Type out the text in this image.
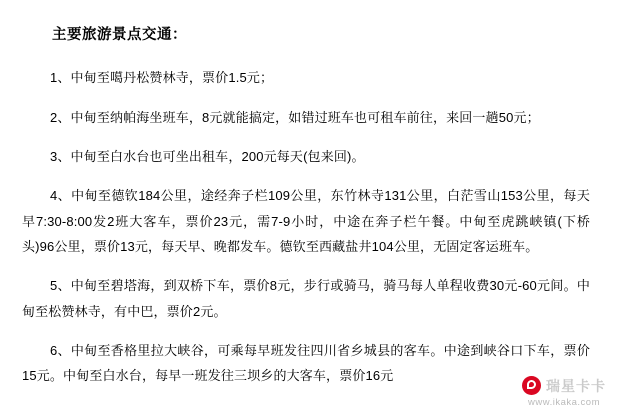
主要旅游景点交通：
1、中甸至噶丹松赞林寺，票价1.5元；
2、中甸至纳帕海坐班车，8元就能搞定，如错过班车也可租车前往，来回一趟50元；
3、中甸至白水台也可坐出租车，200元每天(包来回)。
4、中甸至德钦184公里，途经奔子栏109公里，东竹林寺131公里，白茫雪山153公里，每天早7:30-8:00发2班大客车，票价23元，需7-9小时，中途在奔子栏午餐。中甸至虎跳峡镇(下桥头)96公里，票价13元，每天早、晚都发车。德钦至西藏盐井104公里，无固定客运班车。
5、中甸至碧塔海，到双桥下车，票价8元，步行或骑马，骑马每人单程收费30元-60元间。中甸至松赞林寺，有中巴，票价2元。
6、中甸至香格里拉大峡谷，可乘每早班发往四川省乡城县的客车。中途到峡谷口下车，票价15元。中甸至白水台，每早一班发往三坝乡的大客车，票价16元
瑞星卡卡
www.ikaka.com
